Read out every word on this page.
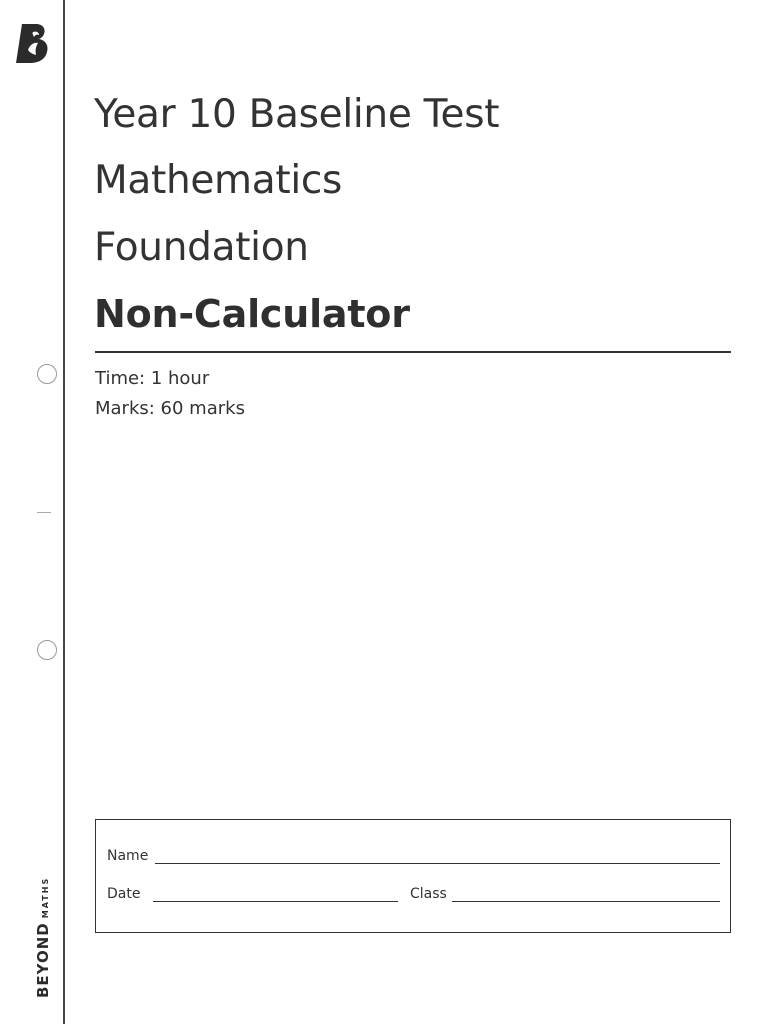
BEYOND
MATHS
Year 10 Baseline Test
Mathematics
Foundation
Non-Calculator
Time: 1 hour
Marks: 60 marks
Name
Date	Class
